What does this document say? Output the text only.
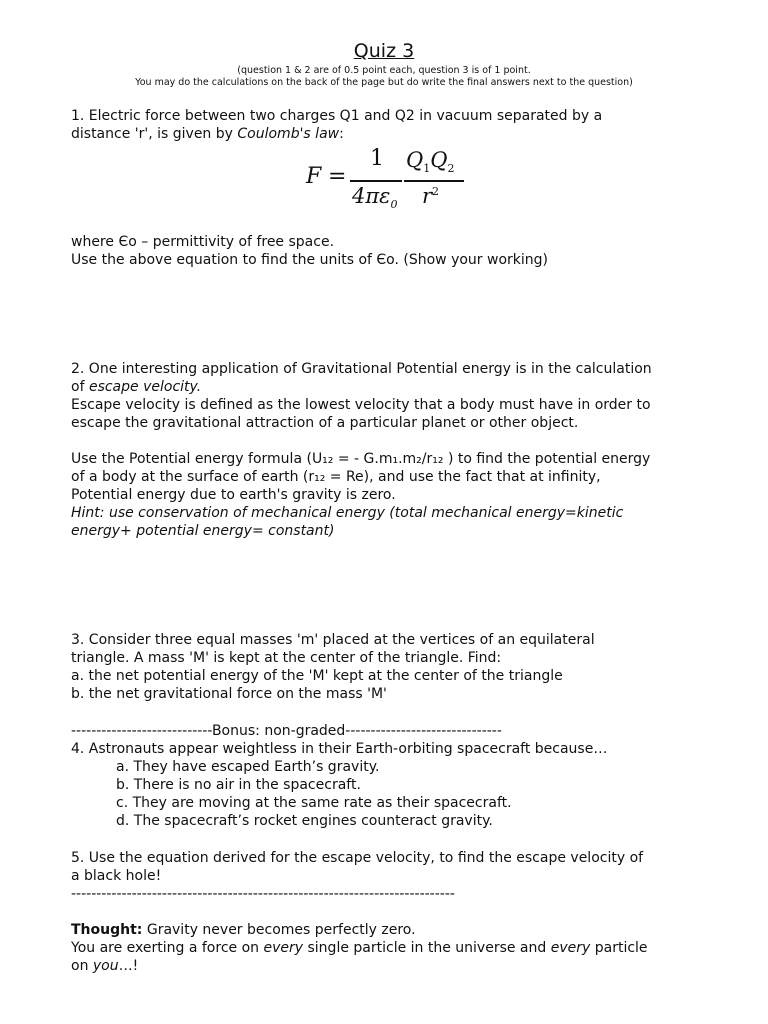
Quiz 3
(question 1 & 2 are of 0.5 point each, question 3 is of 1 point.
You may do the calculations on the back of the page but do write the final answers next to the question)
1. Electric force between two charges Q1 and Q2 in vacuum separated by a
distance 'r', is given by Coulomb's law:
F =
1
$4\pi\varepsilon_0$
$Q_1Q_2$
$r^2$
where Єo – permittivity of free space.
Use the above equation to find the units of Єo. (Show your working)
2. One interesting application of Gravitational Potential energy is in the calculation
of escape velocity.
Escape velocity is defined as the lowest velocity that a body must have in order to
escape the gravitational attraction of a particular planet or other object.
Use the Potential energy formula (U₁₂ = - G.m₁.m₂/r₁₂ ) to find the potential energy
of a body at the surface of earth (r₁₂ = Re), and use the fact that at infinity,
Potential energy due to earth's gravity is zero.
Hint: use conservation of mechanical energy (total mechanical energy=kinetic
energy+ potential energy= constant)
3. Consider three equal masses 'm' placed at the vertices of an equilateral
triangle. A mass 'M' is kept at the center of the triangle. Find:
a. the net potential energy of the 'M' kept at the center of the triangle
b. the net gravitational force on the mass 'M'
----------------------------Bonus: non-graded-------------------------------
4. Astronauts appear weightless in their Earth-orbiting spacecraft because…
a. They have escaped Earth’s gravity.
b. There is no air in the spacecraft.
c. They are moving at the same rate as their spacecraft.
d. The spacecraft’s rocket engines counteract gravity.
5. Use the equation derived for the escape velocity, to find the escape velocity of
a black hole!
----------------------------------------------------------------------------
Thought: Gravity never becomes perfectly zero.
You are exerting a force on every single particle in the universe and every particle
on you…!
